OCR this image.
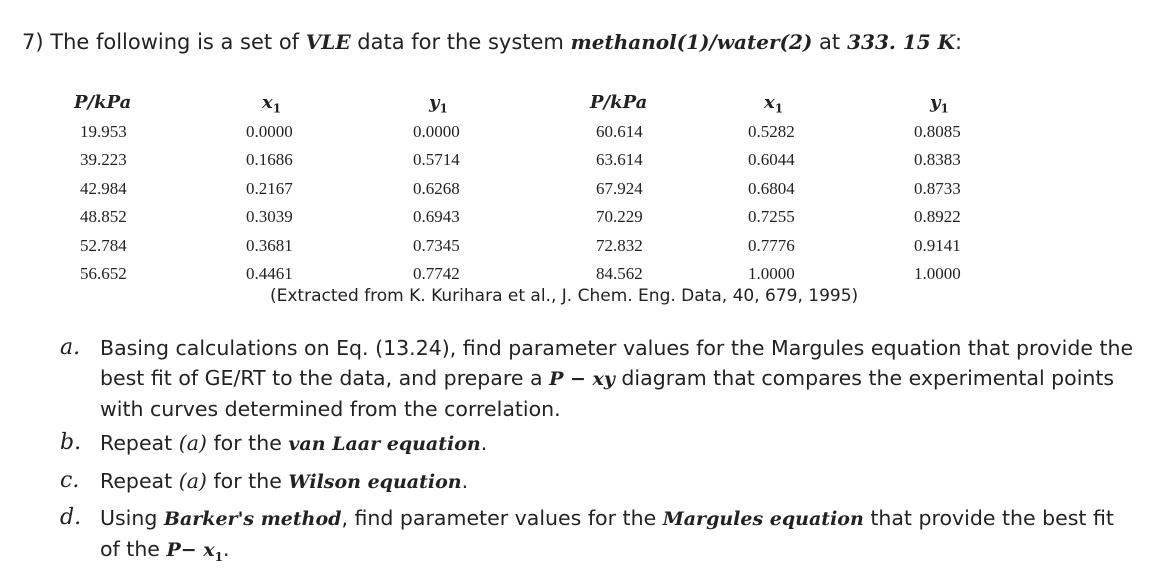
7) The following is a set of VLE data for the system methanol(1)/water(2) at 333. 15 K:
P/kPa
19.953
39.223
42.984
48.852
52.784
56.652
$x_1$
0.0000
0.1686
0.2167
0.3039
0.3681
0.4461
$y_1$
0.0000
0.5714
0.6268
0.6943
0.7345
0.7742
P/kPa
60.614
63.614
67.924
70.229
72.832
84.562
$x_1$
0.5282
0.6044
0.6804
0.7255
0.7776
1.0000
$y_1$
0.8085
0.8383
0.8733
0.8922
0.9141
1.0000
(Extracted from K. Kurihara et al., J. Chem. Eng. Data, 40, 679, 1995)
a. Basing calculations on Eq. (13.24), find parameter values for the Margules equation that provide the best fit of GE/RT to the data, and prepare a P − xy diagram that compares the experimental points with curves determined from the correlation.
b. Repeat (a) for the van Laar equation.
c. Repeat (a) for the Wilson equation.
d. Using Barker's method, find parameter values for the Margules equation that provide the best fit of the $P- x_1$.
